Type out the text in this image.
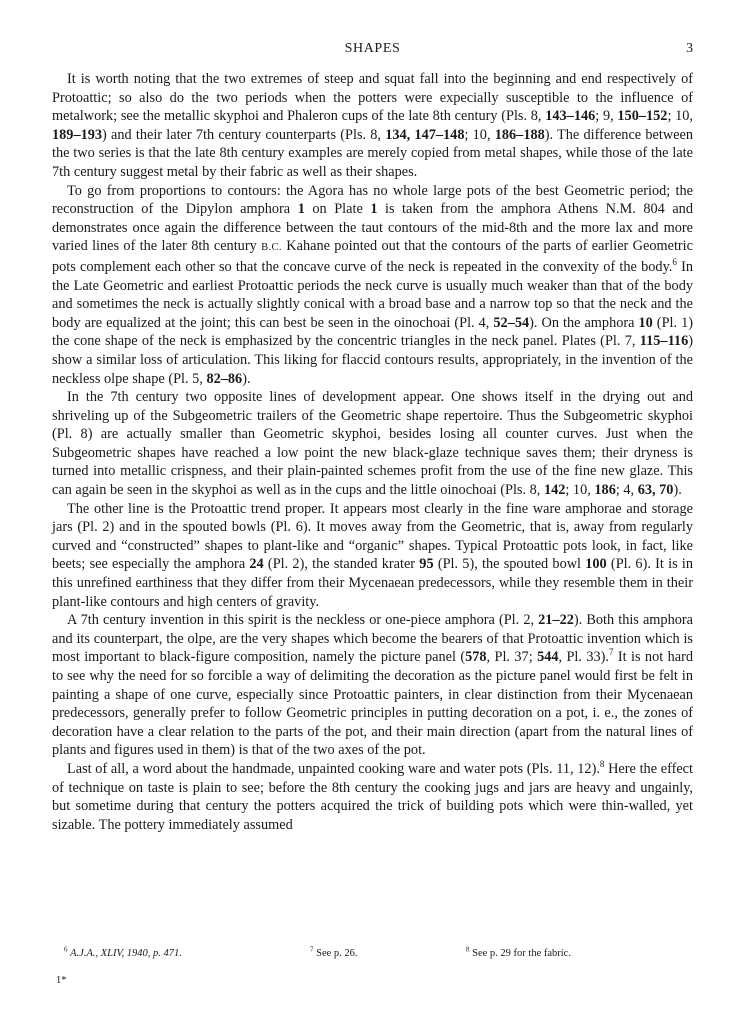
SHAPES	3

It is worth noting that the two extremes of steep and squat fall into the beginning and end respectively of Protoattic; so also do the two periods when the potters were expecially susceptible to the influence of metalwork; see the metallic skyphoi and Phaleron cups of the late 8th century (Pls. 8, 143–146; 9, 150–152; 10, 189–193) and their later 7th century counterparts (Pls. 8, 134, 147–148; 10, 186–188). The difference between the two series is that the late 8th century examples are merely copied from metal shapes, while those of the late 7th century suggest metal by their fabric as well as their shapes.

To go from proportions to contours: the Agora has no whole large pots of the best Geometric period; the reconstruction of the Dipylon amphora 1 on Plate 1 is taken from the amphora Athens N.M. 804 and demonstrates once again the difference between the taut contours of the mid-8th and the more lax and more varied lines of the later 8th century B.C. Kahane pointed out that the contours of the parts of earlier Geometric pots complement each other so that the concave curve of the neck is repeated in the convexity of the body.$^6$ In the Late Geometric and earliest Protoattic periods the neck curve is usually much weaker than that of the body and sometimes the neck is actually slightly conical with a broad base and a narrow top so that the neck and the body are equalized at the joint; this can best be seen in the oinochoai (Pl. 4, 52–54). On the amphora 10 (Pl. 1) the cone shape of the neck is emphasized by the concentric triangles in the neck panel. Plates (Pl. 7, 115–116) show a similar loss of articulation. This liking for flaccid contours results, appropriately, in the invention of the neckless olpe shape (Pl. 5, 82–86).

In the 7th century two opposite lines of development appear. One shows itself in the drying out and shriveling up of the Subgeometric trailers of the Geometric shape repertoire. Thus the Subgeometric skyphoi (Pl. 8) are actually smaller than Geometric skyphoi, besides losing all counter curves. Just when the Subgeometric shapes have reached a low point the new black-glaze technique saves them; their dryness is turned into metallic crispness, and their plain-painted schemes profit from the use of the fine new glaze. This can again be seen in the skyphoi as well as in the cups and the little oinochoai (Pls. 8, 142; 10, 186; 4, 63, 70).

The other line is the Protoattic trend proper. It appears most clearly in the fine ware amphorae and storage jars (Pl. 2) and in the spouted bowls (Pl. 6). It moves away from the Geometric, that is, away from regularly curved and “constructed” shapes to plant-like and “organic” shapes. Typical Protoattic pots look, in fact, like beets; see especially the amphora 24 (Pl. 2), the standed krater 95 (Pl. 5), the spouted bowl 100 (Pl. 6). It is in this unrefined earthiness that they differ from their Mycenaean predecessors, while they resemble them in their plant-like contours and high centers of gravity.

A 7th century invention in this spirit is the neckless or one-piece amphora (Pl. 2, 21–22). Both this amphora and its counterpart, the olpe, are the very shapes which become the bearers of that Protoattic invention which is most important to black-figure composition, namely the picture panel (578, Pl. 37; 544, Pl. 33).$^7$ It is not hard to see why the need for so forcible a way of delimiting the decoration as the picture panel would first be felt in painting a shape of one curve, especially since Protoattic painters, in clear distinction from their Mycenaean predecessors, generally prefer to follow Geometric principles in putting decoration on a pot, i. e., the zones of decoration have a clear relation to the parts of the pot, and their main direction (apart from the natural lines of plants and figures used in them) is that of the two axes of the pot.

Last of all, a word about the handmade, unpainted cooking ware and water pots (Pls. 11, 12).$^8$ Here the effect of technique on taste is plain to see; before the 8th century the cooking jugs and jars are heavy and ungainly, but sometime during that century the potters acquired the trick of building pots which were thin-walled, yet sizable. The pottery immediately assumed

$^6$ A.J.A., XLIV, 1940, p. 471.	$^7$ See p. 26.	$^8$ See p. 29 for the fabric.
1*
